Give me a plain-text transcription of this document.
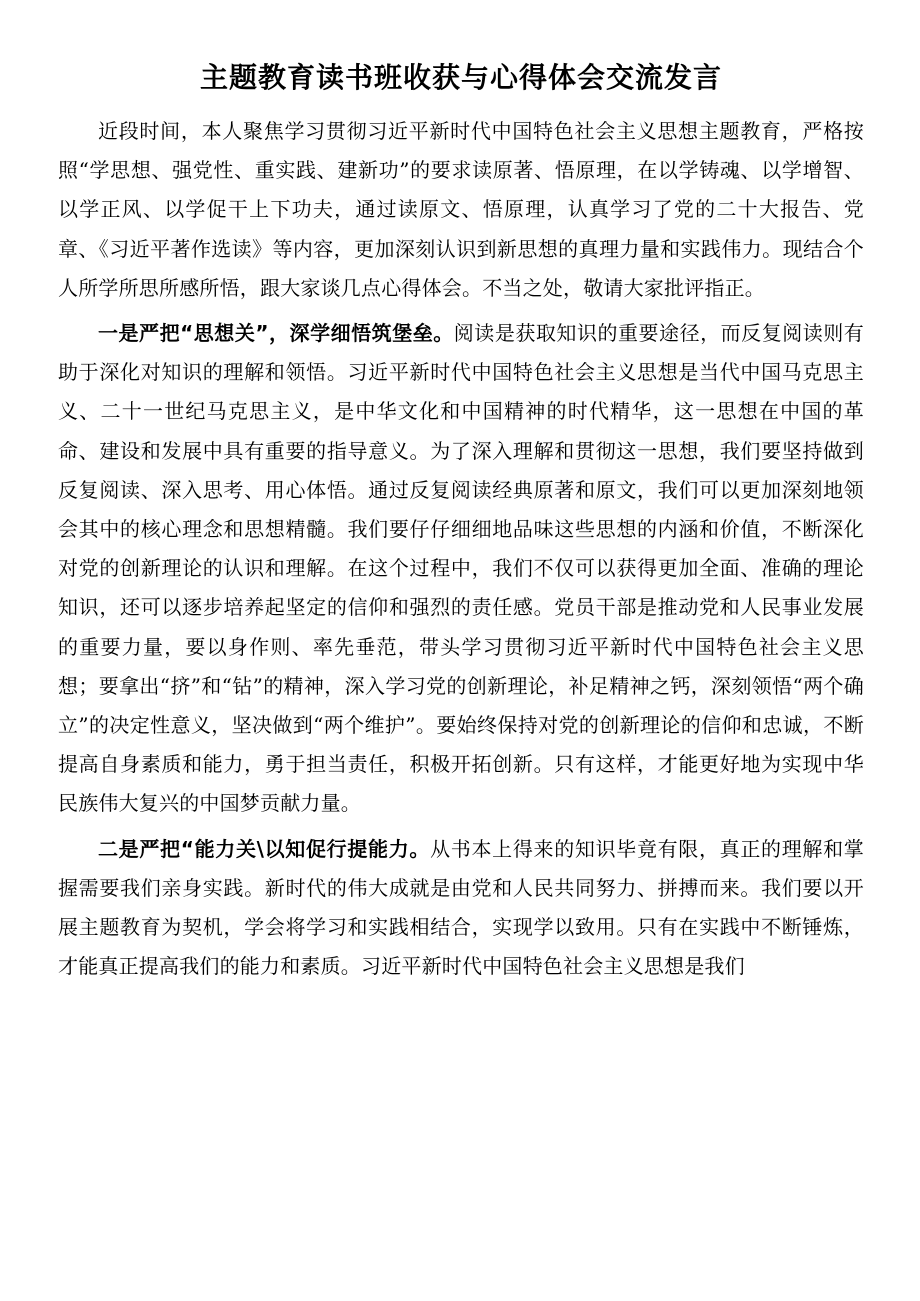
主题教育读书班收获与心得体会交流发言

近段时间，本人聚焦学习贯彻习近平新时代中国特色社会主义思想主题教育，严格按照“学思想、强党性、重实践、建新功”的要求读原著、悟原理，在以学铸魂、以学增智、以学正风、以学促干上下功夫，通过读原文、悟原理，认真学习了党的二十大报告、党章、《习近平著作选读》等内容，更加深刻认识到新思想的真理力量和实践伟力。现结合个人所学所思所感所悟，跟大家谈几点心得体会。不当之处，敬请大家批评指正。

一是严把“思想关”，深学细悟筑堡垒。阅读是获取知识的重要途径，而反复阅读则有助于深化对知识的理解和领悟。习近平新时代中国特色社会主义思想是当代中国马克思主义、二十一世纪马克思主义，是中华文化和中国精神的时代精华，这一思想在中国的革命、建设和发展中具有重要的指导意义。为了深入理解和贯彻这一思想，我们要坚持做到反复阅读、深入思考、用心体悟。通过反复阅读经典原著和原文，我们可以更加深刻地领会其中的核心理念和思想精髓。我们要仔仔细细地品味这些思想的内涵和价值，不断深化对党的创新理论的认识和理解。在这个过程中，我们不仅可以获得更加全面、准确的理论知识，还可以逐步培养起坚定的信仰和强烈的责任感。党员干部是推动党和人民事业发展的重要力量，要以身作则、率先垂范，带头学习贯彻习近平新时代中国特色社会主义思想；要拿出“挤”和“钻”的精神，深入学习党的创新理论，补足精神之钙，深刻领悟“两个确立”的决定性意义，坚决做到“两个维护”。要始终保持对党的创新理论的信仰和忠诚，不断提高自身素质和能力，勇于担当责任，积极开拓创新。只有这样，才能更好地为实现中华民族伟大复兴的中国梦贡献力量。

二是严把“能力关\以知促行提能力。从书本上得来的知识毕竟有限，真正的理解和掌握需要我们亲身实践。新时代的伟大成就是由党和人民共同努力、拼搏而来。我们要以开展主题教育为契机，学会将学习和实践相结合，实现学以致用。只有在实践中不断锤炼，才能真正提高我们的能力和素质。习近平新时代中国特色社会主义思想是我们
